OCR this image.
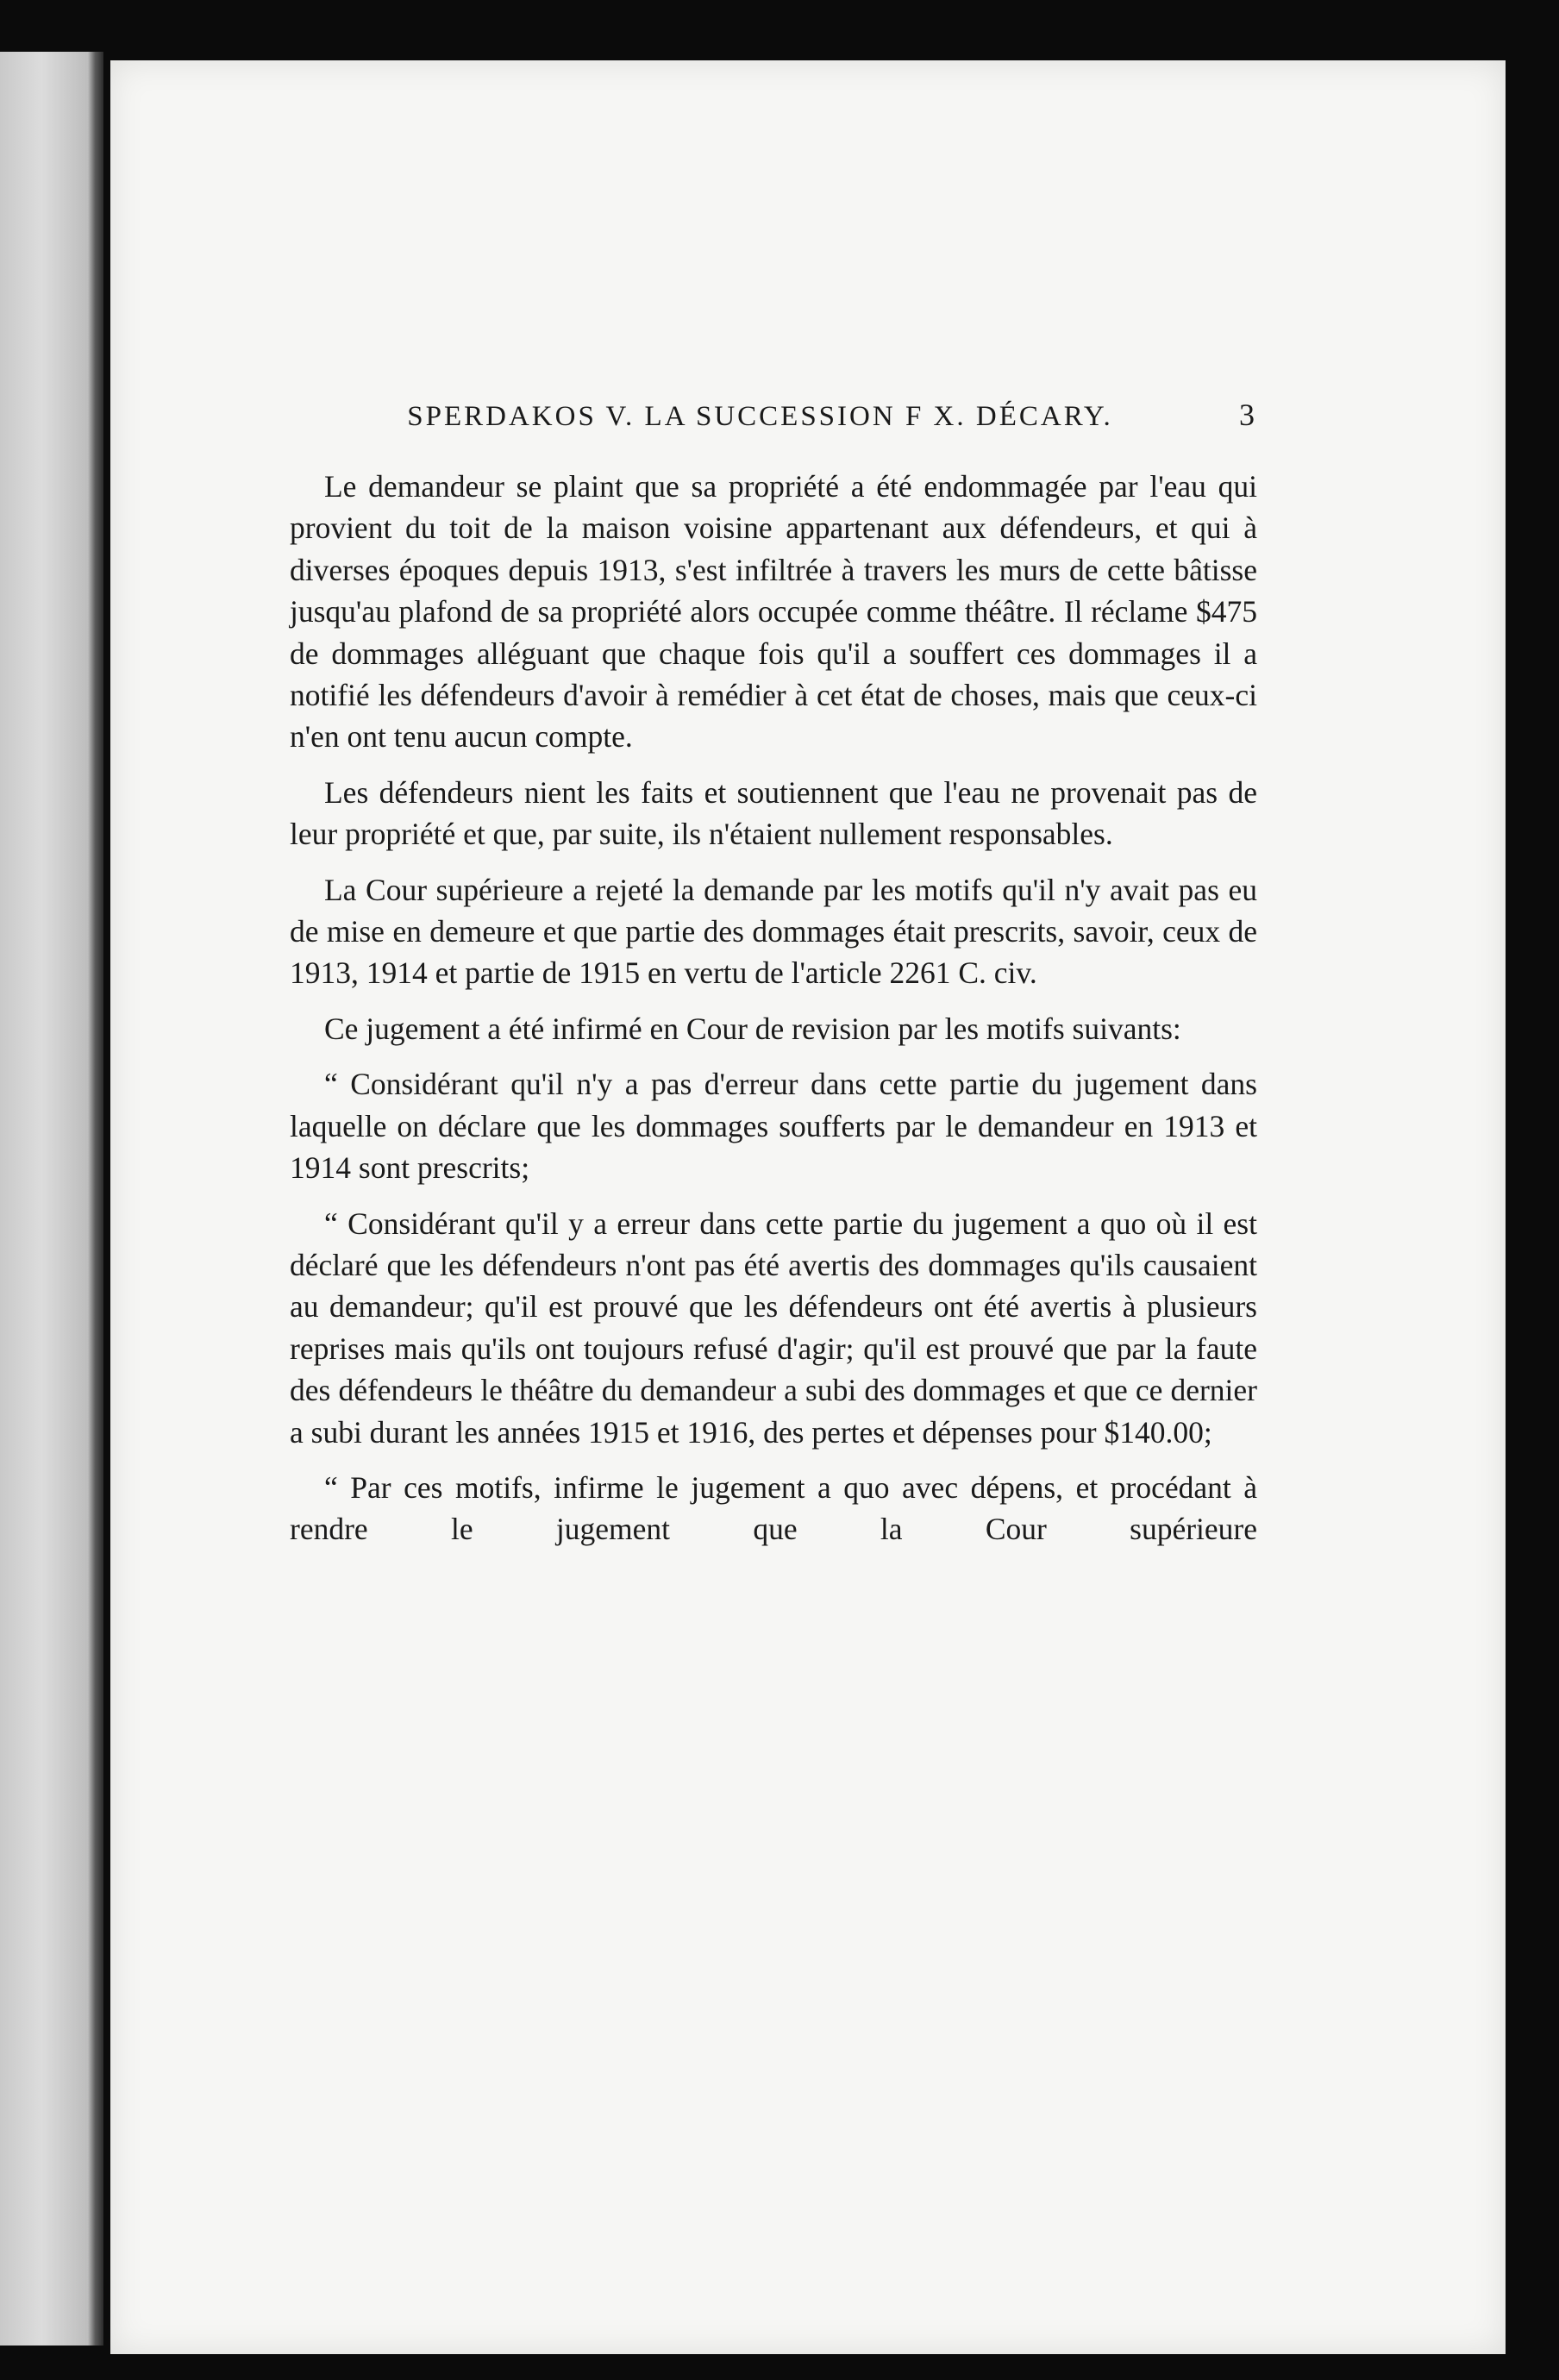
SPERDAKOS V. LA SUCCESSION F X. DÉCARY.	3

Le demandeur se plaint que sa propriété a été endommagée par l'eau qui provient du toit de la maison voisine appartenant aux défendeurs, et qui à diverses époques depuis 1913, s'est infiltrée à travers les murs de cette bâtisse jusqu'au plafond de sa propriété alors occupée comme théâtre. Il réclame $475 de dommages alléguant que chaque fois qu'il a souffert ces dommages il a notifié les défendeurs d'avoir à remédier à cet état de choses, mais que ceux-ci n'en ont tenu aucun compte.

Les défendeurs nient les faits et soutiennent que l'eau ne provenait pas de leur propriété et que, par suite, ils n'étaient nullement responsables.

La Cour supérieure a rejeté la demande par les motifs qu'il n'y avait pas eu de mise en demeure et que partie des dommages était prescrits, savoir, ceux de 1913, 1914 et partie de 1915 en vertu de l'article 2261 C. civ.

Ce jugement a été infirmé en Cour de revision par les motifs suivants:

“ Considérant qu'il n'y a pas d'erreur dans cette partie du jugement dans laquelle on déclare que les dommages soufferts par le demandeur en 1913 et 1914 sont prescrits;

“ Considérant qu'il y a erreur dans cette partie du jugement a quo où il est déclaré que les défendeurs n'ont pas été avertis des dommages qu'ils causaient au demandeur; qu'il est prouvé que les défendeurs ont été avertis à plusieurs reprises mais qu'ils ont toujours refusé d'agir; qu'il est prouvé que par la faute des défendeurs le théâtre du demandeur a subi des dommages et que ce dernier a subi durant les années 1915 et 1916, des pertes et dépenses pour $140.00;

“ Par ces motifs, infirme le jugement a quo avec dépens, et procédant à rendre le jugement que la Cour supérieure
